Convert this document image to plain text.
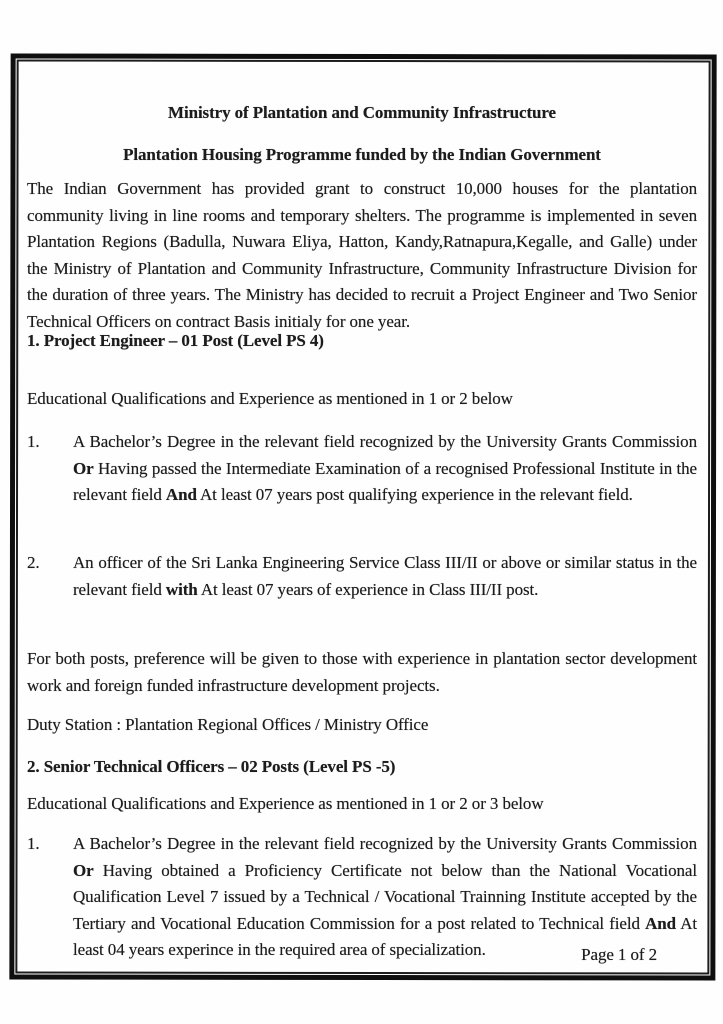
Ministry of Plantation and Community Infrastructure

Plantation Housing Programme funded by the Indian Government

The Indian Government has provided grant to construct 10,000 houses for the plantation community living in line rooms and temporary shelters. The programme is implemented in seven Plantation Regions (Badulla, Nuwara Eliya, Hatton, Kandy,Ratnapura,Kegalle, and Galle) under the Ministry of Plantation and Community Infrastructure, Community Infrastructure Division for the duration of three years. The Ministry has decided to recruit a Project Engineer and Two Senior Technical Officers on contract Basis initialy for one year.

1. Project Engineer – 01 Post (Level PS 4)

Educational Qualifications and Experience as mentioned in 1 or 2 below

1.	A Bachelor’s Degree in the relevant field recognized by the University Grants Commission Or Having passed the Intermediate Examination of a recognised Professional Institute in the relevant field And At least 07 years post qualifying experience in the relevant field.

2.	An officer of the Sri Lanka Engineering Service Class III/II or above or similar status in the relevant field with At least 07 years of experience in Class III/II post.

For both posts, preference will be given to those with experience in plantation sector development work and foreign funded infrastructure development projects.

Duty Station : Plantation Regional Offices / Ministry Office

2. Senior Technical Officers – 02 Posts (Level PS -5)

Educational Qualifications and Experience as mentioned in 1 or 2 or 3 below

1.	A Bachelor’s Degree in the relevant field recognized by the University Grants Commission Or Having obtained a Proficiency Certificate not below than the National Vocational Qualification Level 7 issued by a Technical / Vocational Trainning Institute accepted by the Tertiary and Vocational Education Commission for a post related to Technical field And At least 04 years experince in the required area of specialization.	Page 1 of 2
